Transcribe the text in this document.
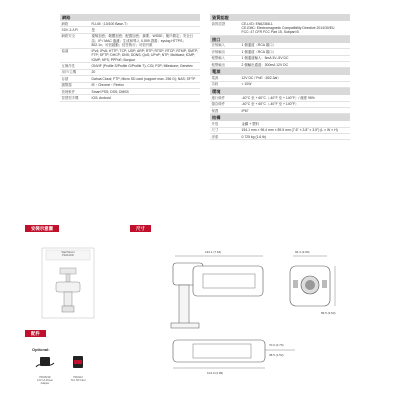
網路
網路	RJ-45（10/100 Base-T）
SDK & API	是
網路安全	視頻加密；韌體加密；配置加密；摘要；WSSE；帳戶鎖定；安全日誌；IP / MAC 過濾；生成和導入 X.509 證書；syslog HTTPS；802.1x；可信啟動；信任執行；可信升級
協議	IPv4; IPv6; HTTP; TCP; UDP; ARP; RTP; RTSP; RTCP; RTMP; SMTP; FTP; SFTP; DHCP; DNS; DDNS; QoS; UPnP; NTP; Multicast; ICMP; IGMP; NFS; PPPoE; Bonjour
互操作性	ONVIF (Profile S/Profile G/Profile T); CGI; P2P; Milestone; Genetec
用戶/主機	20
存儲	Dahua Cloud; FTP; Micro SD card (support max. 256 G); NAS; SFTP
瀏覽器	IE・Chrome・Firefox
管理軟件	Smart PSS; DSS; DMSS
智慧型手機	IOS; Android
資質認證
資質認證	CE-LVD: EN62368-1
CE-EMC: Electromagnetic Compatibility Directive 2014/30/EU
FCC: 47 CFR FCC Part 15, Subpart B
接口
音頻輸入	1 個通道（RCA 端口）
音頻輸出	1 個通道（RCA 端口）
報警輸入	1 個通道輸入：5mA 3V–5V DC
報警輸出	2 個輸出通道：300mA 12V DC
電源
電源	12V DC / PoE（802.3af）
功耗	< 10W
環境
運行條件	-40°C 至 + 60°C（-40°F 至 + 140°F）/ 濕度 95%
儲存條件	-40°C 至 + 60°C（-40°F 至 + 140°F）
保護	IP67
結構
外殼	金屬 + 塑料
尺寸	194.1 mm × 96.4 mm × 89.5 mm (7.6" × 3.8" × 3.5") (L × W × H)
淨重	0.725 kg (1.6 lb)
安裝示意圖	尺寸
配件
Wall Mount
PFA121W
194.1 (7.64)	96.4 (3.80)
89.5 (3.52)
70.0 (2.76)
38.5 (1.52)
104.0 (4.09)
Optional:
PFM321D
12V 1A Power
Adapter
PFM114
TLC SD Card
